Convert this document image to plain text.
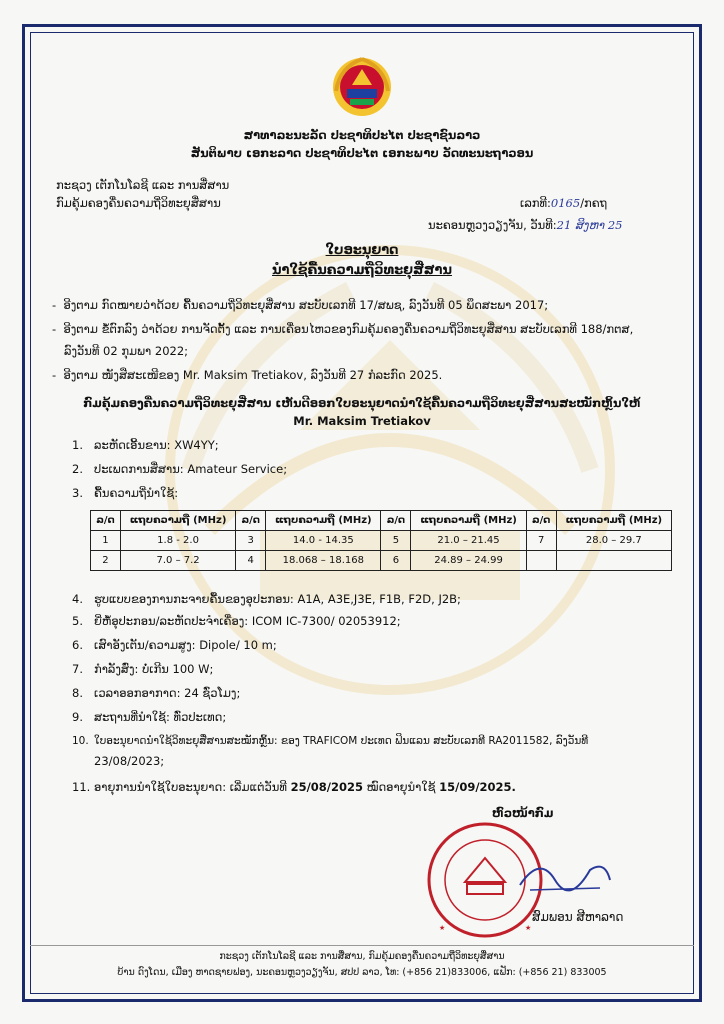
ສາທາລະນະລັດ ປະຊາທິປະໄຕ ປະຊາຊົນລາວ
ສັນຕິພາບ ເອກະລາດ ປະຊາທິປະໄຕ ເອກະພາບ ວັດທະນະຖາວອນ
ກະຊວງ ເຕັກໂນໂລຊີ ແລະ ການສື່ສານ
ກົມຄຸ້ມຄອງຄື່ນຄວາມຖີ່ວິທະຍຸສື່ສານ	ເລກທີ:0165/ກຄຖ
ນະຄອນຫຼວງວຽງຈັນ, ວັນທີ:21 ສິງຫາ 25
ໃບອະນຸຍາດ
ນຳໃຊ້ຄື້ນຄວາມຖີ່ວິທະຍຸສື່ສານ
-  ອີງຕາມ ກົດໝາຍວ່າດ້ວຍ ຄື້ນຄວາມຖີ່ວິທະຍຸສື່ສານ ສະບັບເລກທີ 17/ສພຊ, ລົງວັນທີ 05 ພຶດສະພາ 2017;
-  ອີງຕາມ ຂໍ້ຕົກລົງ ວ່າດ້ວຍ ການຈັດຕັ້ງ ແລະ ການເຄື່ອນໄຫວຂອງກົມຄຸ້ມຄອງຄື່ນຄວາມຖີ່ວິທະຍຸສື່ສານ ສະບັບເລກທີ 188/ກຕສ,
ລົງວັນທີ 02 ກຸມພາ 2022;
-  ອີງຕາມ ໜັງສືສະເໜີຂອງ Mr. Maksim Tretiakov, ລົງວັນທີ 27 ກໍລະກົດ 2025.
ກົມຄຸ້ມຄອງຄື່ນຄວາມຖີ່ວິທະຍຸສື່ສານ ເຫັນດີອອກໃບອະນຸຍາດນຳໃຊ້ຄື້ນຄວາມຖີ່ວິທະຍຸສື່ສານສະໝັກຫຼິ້ນໃຫ້
Mr. Maksim Tretiakov
1. ລະຫັດເອີ້ນຂານ: XW4YY;
2. ປະເພດການສື່ສານ: Amateur Service;
3. ຄື້ນຄວາມຖີ່ນຳໃຊ້:
ລ/ດ	ແຖບຄວາມຖີ່ (MHz)	ລ/ດ	ແຖບຄວາມຖີ່ (MHz)	ລ/ດ	ແຖບຄວາມຖີ່ (MHz)	ລ/ດ	ແຖບຄວາມຖີ່ (MHz)
1	1.8 - 2.0	3	14.0 - 14.35	5	21.0 – 21.45	7	28.0 – 29.7
2	7.0 – 7.2	4	18.068 – 18.168	6	24.89 – 24.99		
4. ຮູບແບບຂອງການກະຈາຍຄື້ນຂອງອຸປະກອນ: A1A, A3E,J3E, F1B, F2D, J2B;
5. ຍີ່ຫໍ້ອຸປະກອນ/ລະຫັດປະຈຳເຄື່ອງ: ICOM IC-7300/ 02053912;
6. ເສົາອັງເຕັນ/ຄວາມສູງ: Dipole/ 10 m;
7. ກຳລັງສົ່ງ: ບໍ່ເກີນ 100 W;
8. ເວລາອອກອາກາດ: 24 ຊົ່ວໂມງ;
9. ສະຖານທີ່ນຳໃຊ້: ທົ່ວປະເທດ;
10. ໃບອະນຸຍາດນຳໃຊ້ວິທະຍຸສື່ສານສະໝັກຫຼິ້ນ: ຂອງ TRAFICOM ປະເທດ ຟິນແລນ ສະບັບເລກທີ RA2011582, ລົງວັນທີ
23/08/2023;
11. ອາຍຸການນຳໃຊ້ໃບອະນຸຍາດ: ເລີ່ມແຕ່ວັນທີ 25/08/2025 ໝົດອາຍຸນຳໃຊ້ 15/09/2025.
ຫົວໜ້າກົມ
★	★
ສົມພອນ ສີຫາລາດ
ກະຊວງ ເຕັກໂນໂລຊີ ແລະ ການສື່ສານ, ກົມຄຸ້ມຄອງຄື່ນຄວາມຖີ່ວິທະຍຸສື່ສານ
ບ້ານ ດົງໂດນ, ເມືອງ ຫາດຊາຍຟອງ, ນະຄອນຫຼວງວຽງຈັນ, ສປປ ລາວ, ໂທ: (+856 21)833006, ແຟັກ: (+856 21) 833005
